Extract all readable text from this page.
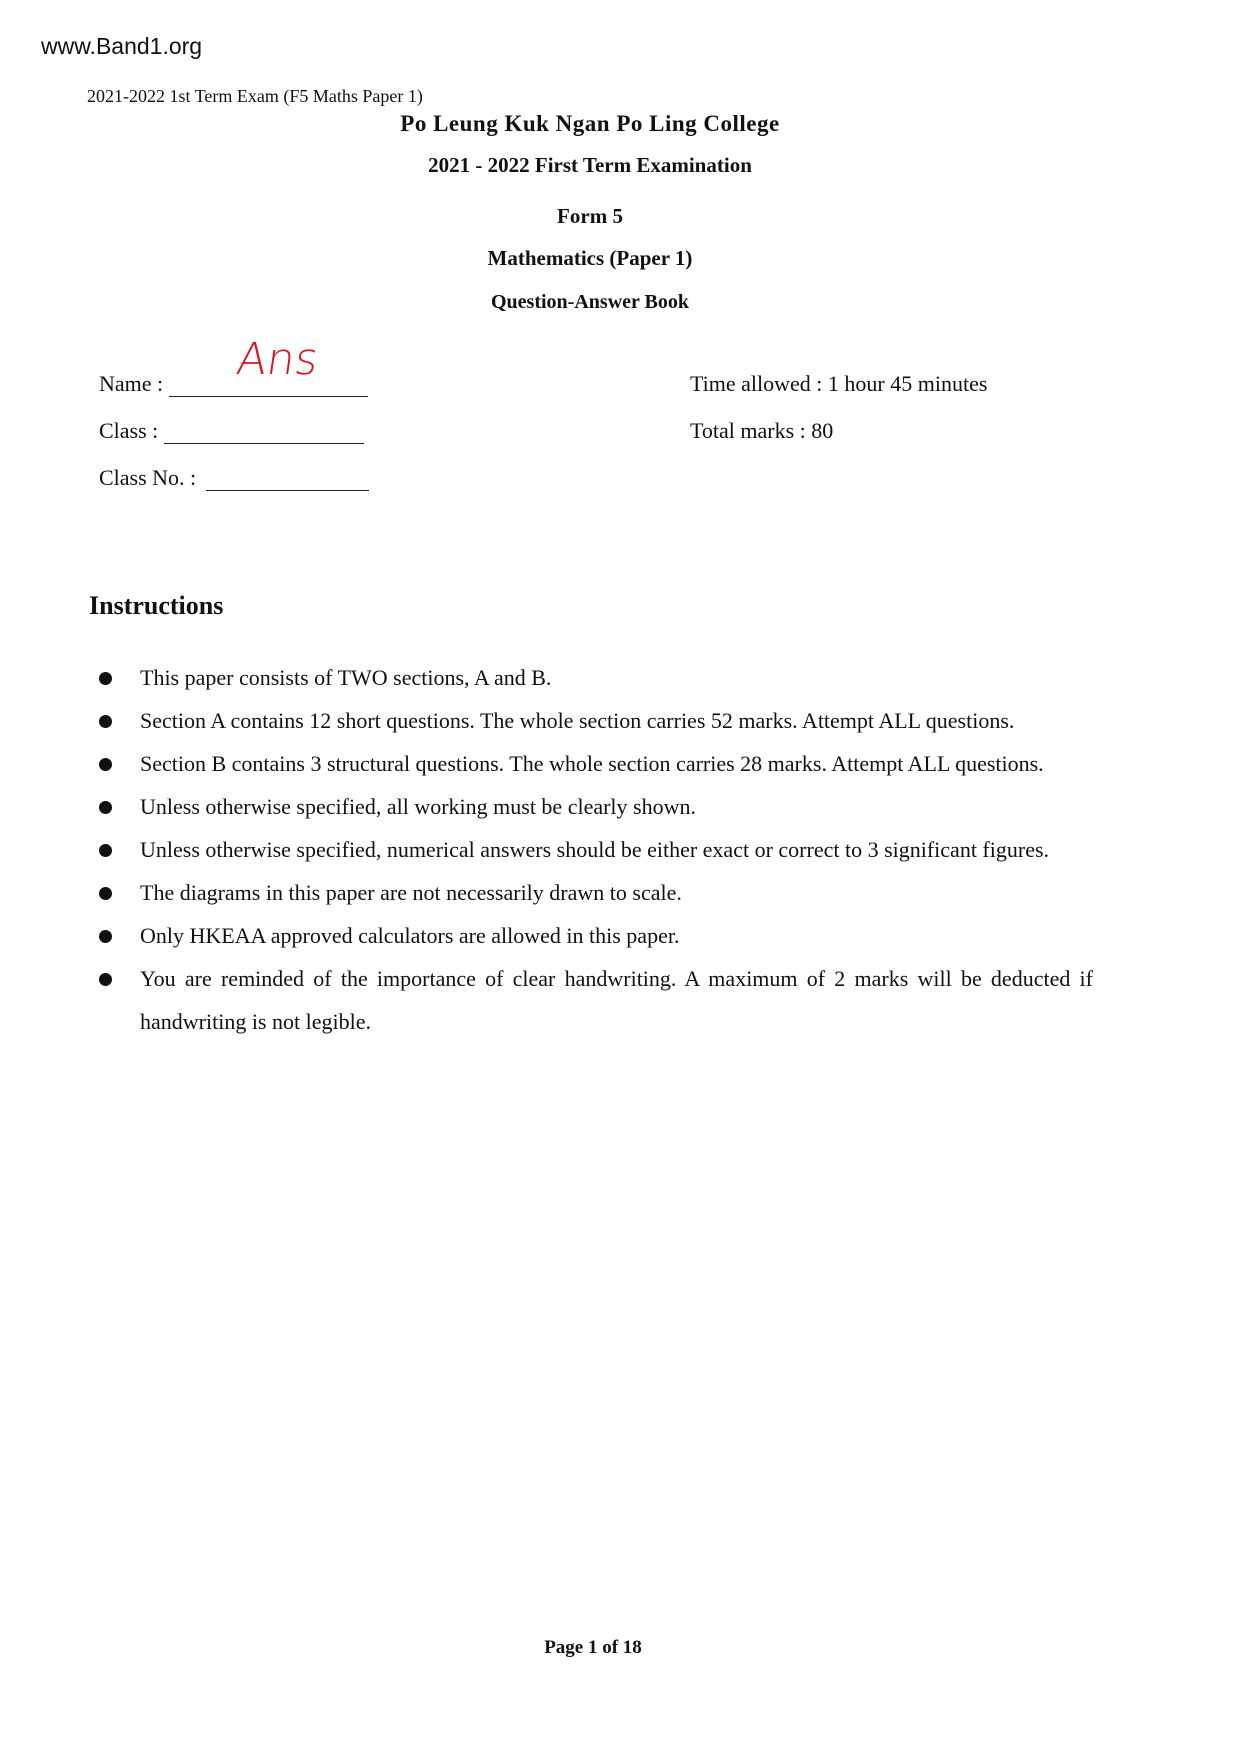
www.Band1.org
2021-2022 1st Term Exam (F5 Maths Paper 1)
Po Leung Kuk Ngan Po Ling College
2021 - 2022 First Term Examination
Form 5
Mathematics (Paper 1)
Question-Answer Book
Name : Ans
Class :
Class No. :
Time allowed : 1 hour 45 minutes
Total marks : 80
Instructions
This paper consists of TWO sections, A and B.
Section A contains 12 short questions. The whole section carries 52 marks. Attempt ALL questions.
Section B contains 3 structural questions. The whole section carries 28 marks. Attempt ALL questions.
Unless otherwise specified, all working must be clearly shown.
Unless otherwise specified, numerical answers should be either exact or correct to 3 significant figures.
The diagrams in this paper are not necessarily drawn to scale.
Only HKEAA approved calculators are allowed in this paper.
You are reminded of the importance of clear handwriting. A maximum of 2 marks will be deducted if handwriting is not legible.
Page 1 of 18
